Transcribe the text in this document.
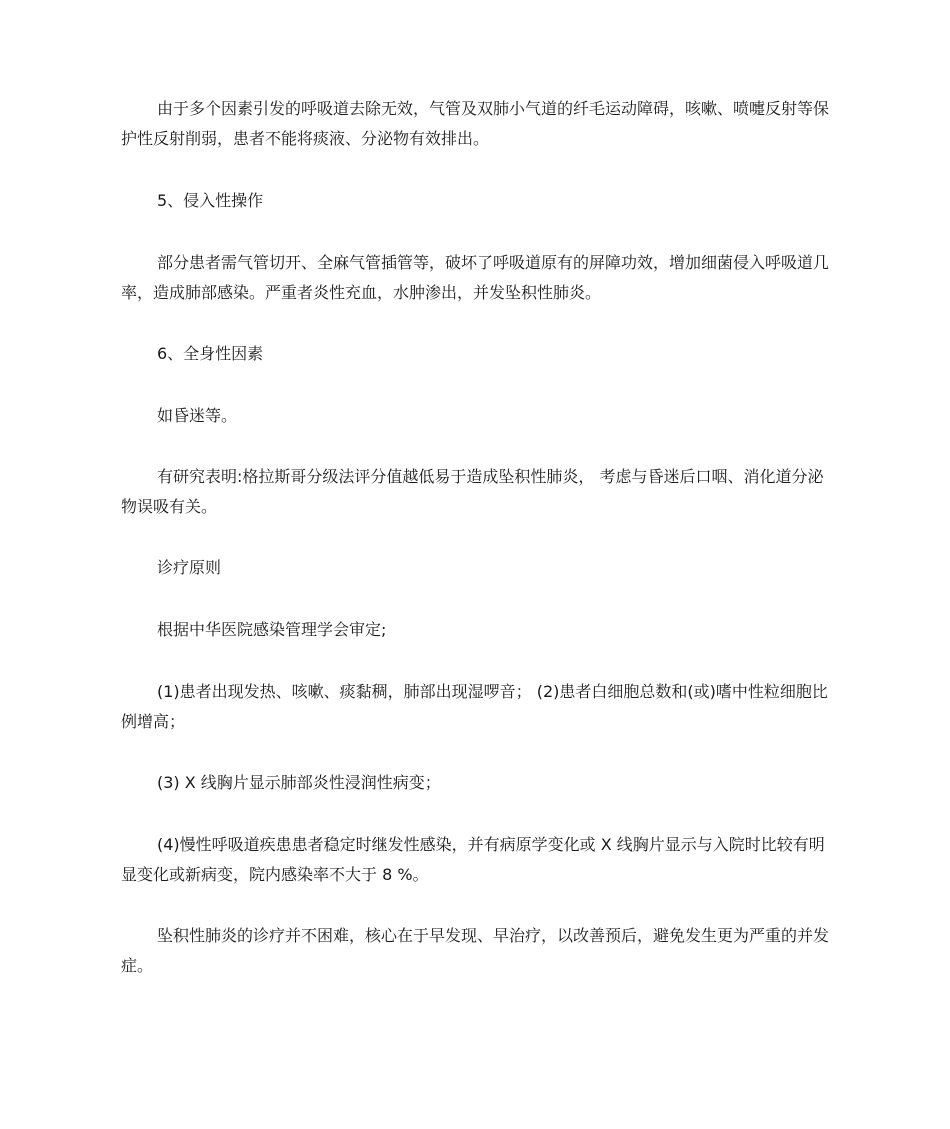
由于多个因素引发的呼吸道去除无效，气管及双肺小气道的纤毛运动障碍，咳嗽、喷嚏反射等保护性反射削弱，患者不能将痰液、分泌物有效排出。

5、侵入性操作

部分患者需气管切开、全麻气管插管等，破坏了呼吸道原有的屏障功效，增加细菌侵入呼吸道几率，造成肺部感染。严重者炎性充血，水肿渗出，并发坠积性肺炎。

6、全身性因素

如昏迷等。

有研究表明:格拉斯哥分级法评分值越低易于造成坠积性肺炎， 考虑与昏迷后口咽、消化道分泌物误吸有关。

诊疗原则

根据中华医院感染管理学会审定;

(1)患者出现发热、咳嗽、痰黏稠，肺部出现湿啰音； (2)患者白细胞总数和(或)嗜中性粒细胞比例增高；

(3) X 线胸片显示肺部炎性浸润性病变；

(4)慢性呼吸道疾患患者稳定时继发性感染，并有病原学变化或 X 线胸片显示与入院时比较有明显变化或新病变，院内感染率不大于 8 %。

坠积性肺炎的诊疗并不困难，核心在于早发现、早治疗，以改善预后，避免发生更为严重的并发症。
